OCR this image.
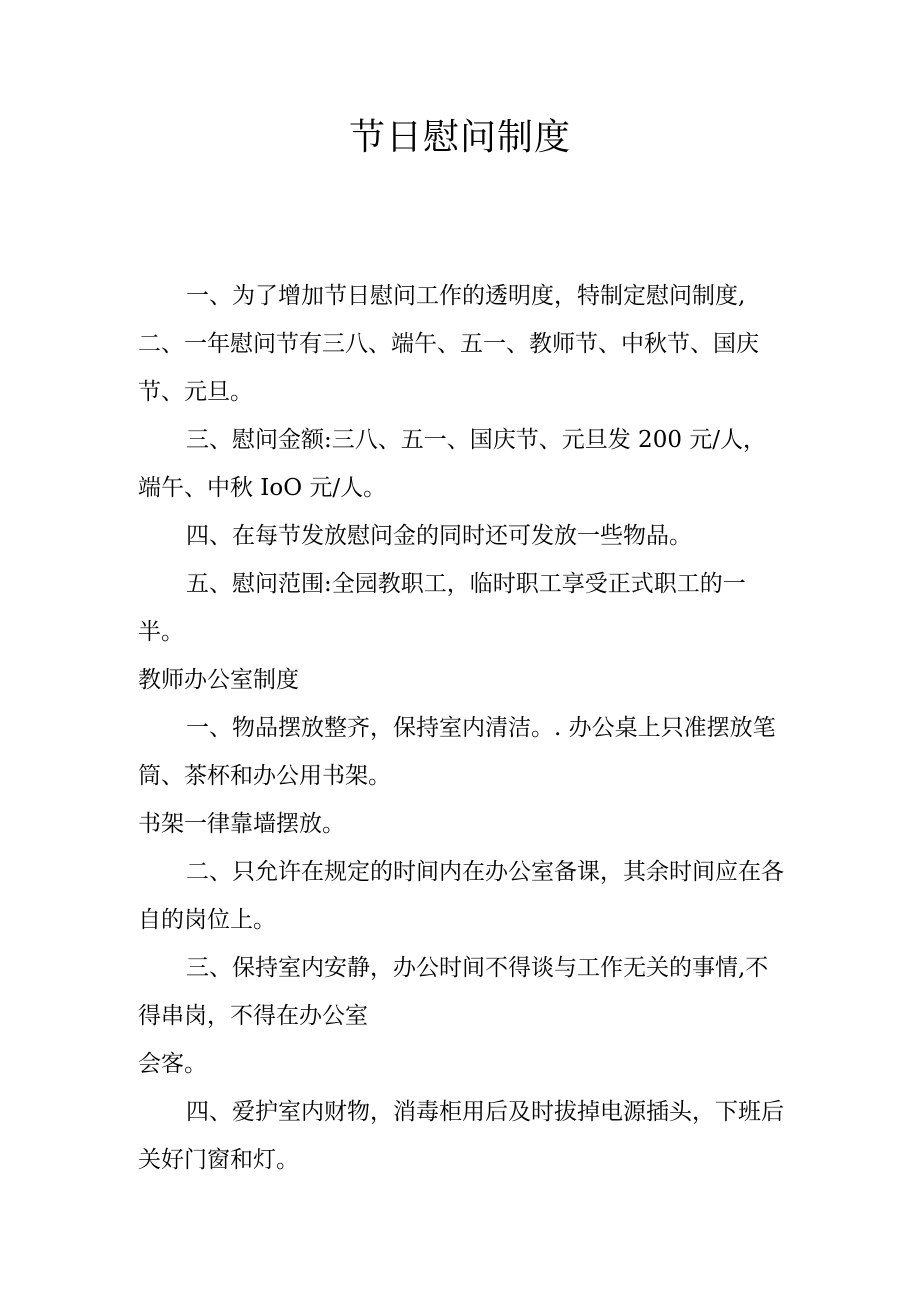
节日慰问制度

一、为了增加节日慰问工作的透明度，特制定慰问制度,

二、一年慰问节有三八、端午、五一、教师节、中秋节、国庆节、元旦。

三、慰问金额:三八、五一、国庆节、元旦发 200 元/人，端午、中秋 IoO 元/人。

四、在每节发放慰问金的同时还可发放一些物品。

五、慰问范围:全园教职工，临时职工享受正式职工的一半。

教师办公室制度

一、物品摆放整齐，保持室内清洁。. 办公桌上只准摆放笔筒、茶杯和办公用书架。

书架一律靠墙摆放。

二、只允许在规定的时间内在办公室备课，其余时间应在各自的岗位上。

三、保持室内安静，办公时间不得谈与工作无关的事情,不得串岗，不得在办公室

会客。

四、爱护室内财物，消毒柜用后及时拔掉电源插头，下班后关好门窗和灯。
